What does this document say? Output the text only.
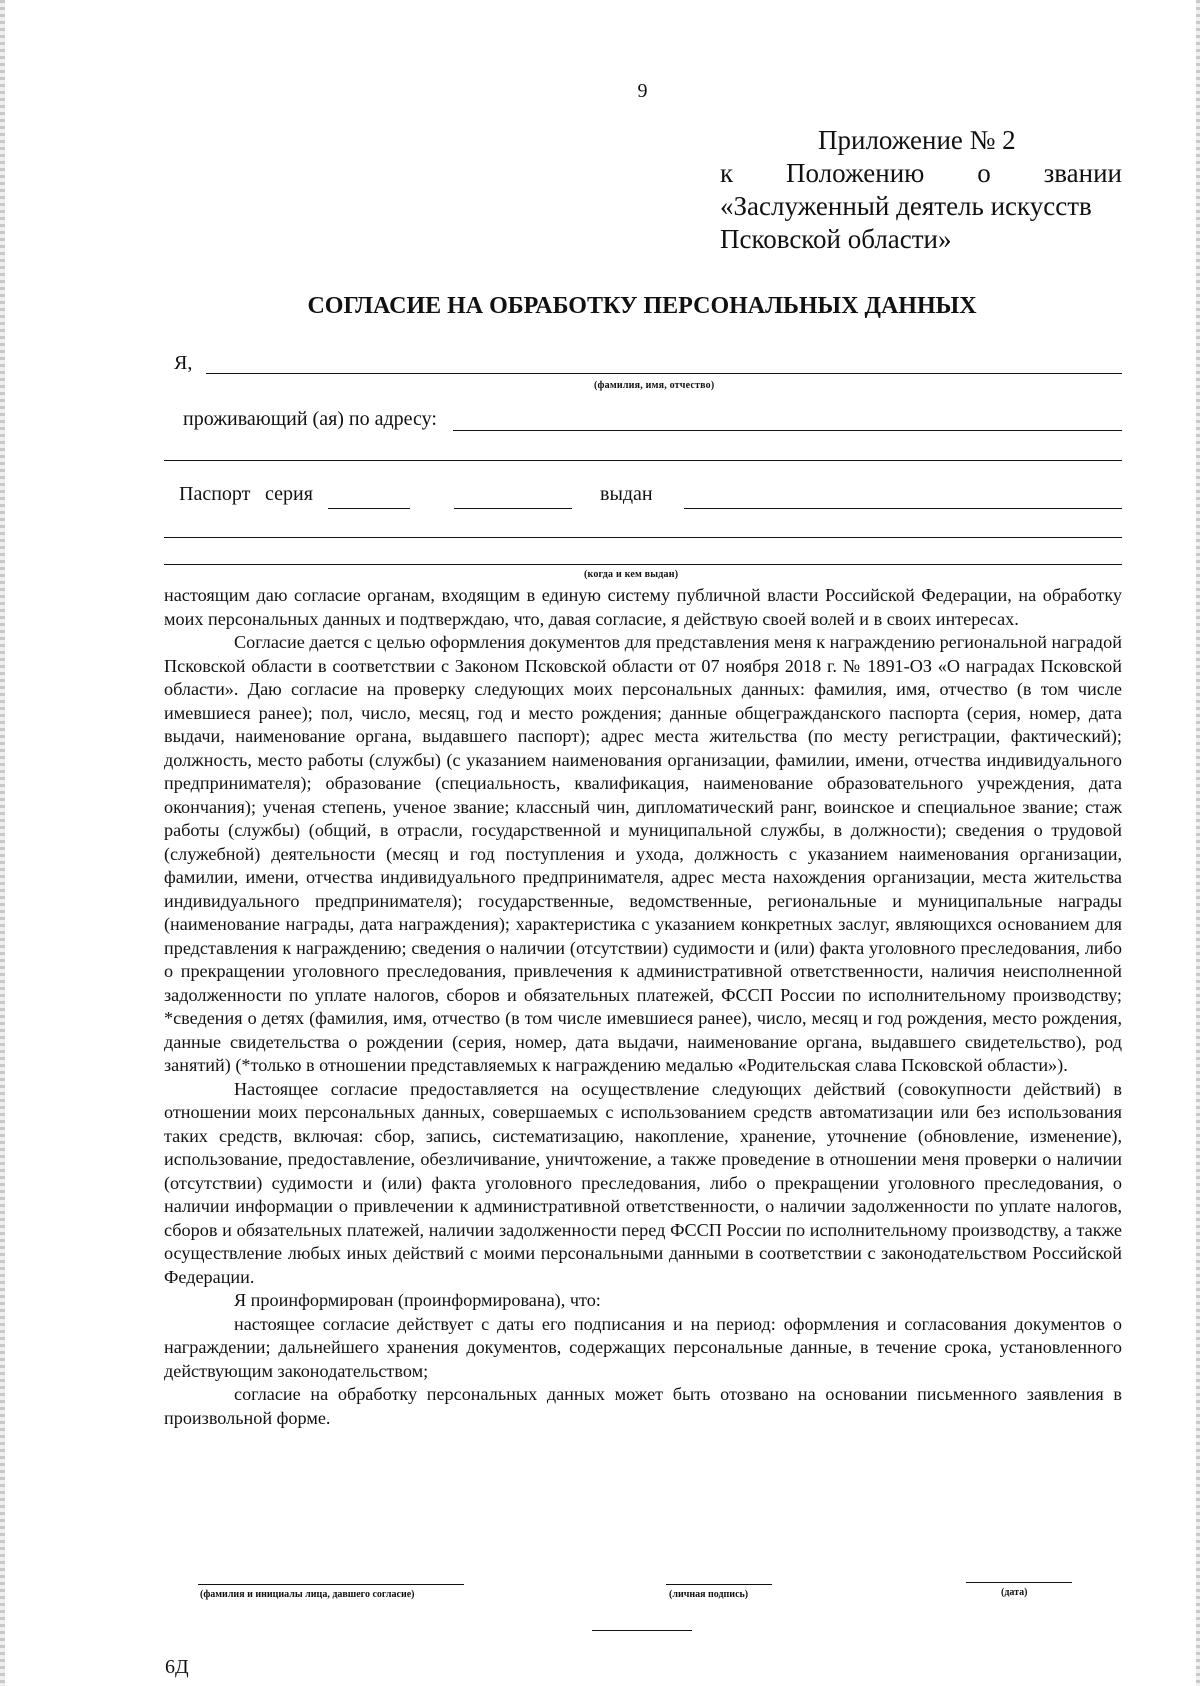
9
Приложение № 2
к Положению о звании
«Заслуженный деятель искусств
Псковской области»
СОГЛАСИЕ НА ОБРАБОТКУ ПЕРСОНАЛЬНЫХ ДАННЫХ
Я,
(фамилия, имя, отчество)
проживающий (ая) по адресу:
Паспорт серия	выдан
(когда и кем выдан)

настоящим даю согласие органам, входящим в единую систему публичной власти Российской Федерации, на обработку моих персональных данных и подтверждаю, что, давая согласие, я действую своей волей и в своих интересах.

Согласие дается с целью оформления документов для представления меня к награждению региональной наградой Псковской области в соответствии с Законом Псковской области от 07 ноября 2018 г. № 1891-ОЗ «О наградах Псковской области». Даю согласие на проверку следующих моих персональных данных: фамилия, имя, отчество (в том числе имевшиеся ранее); пол, число, месяц, год и место рождения; данные общегражданского паспорта (серия, номер, дата выдачи, наименование органа, выдавшего паспорт); адрес места жительства (по месту регистрации, фактический); должность, место работы (службы) (с указанием наименования организации, фамилии, имени, отчества индивидуального предпринимателя); образование (специальность, квалификация, наименование образовательного учреждения, дата окончания); ученая степень, ученое звание; классный чин, дипломатический ранг, воинское и специальное звание; стаж работы (службы) (общий, в отрасли, государственной и муниципальной службы, в должности); сведения о трудовой (служебной) деятельности (месяц и год поступления и ухода, должность с указанием наименования организации, фамилии, имени, отчества индивидуального предпринимателя, адрес места нахождения организации, места жительства индивидуального предпринимателя); государственные, ведомственные, региональные и муниципальные награды (наименование награды, дата награждения); характеристика с указанием конкретных заслуг, являющихся основанием для представления к награждению; сведения о наличии (отсутствии) судимости и (или) факта уголовного преследования, либо о прекращении уголовного преследования, привлечения к административной ответственности, наличия неисполненной задолженности по уплате налогов, сборов и обязательных платежей, ФССП России по исполнительному производству; *сведения о детях (фамилия, имя, отчество (в том числе имевшиеся ранее), число, месяц и год рождения, место рождения, данные свидетельства о рождении (серия, номер, дата выдачи, наименование органа, выдавшего свидетельство), род занятий) (*только в отношении представляемых к награждению медалью «Родительская слава Псковской области»).

Настоящее согласие предоставляется на осуществление следующих действий (совокупности действий) в отношении моих персональных данных, совершаемых с использованием средств автоматизации или без использования таких средств, включая: сбор, запись, систематизацию, накопление, хранение, уточнение (обновление, изменение), использование, предоставление, обезличивание, уничтожение, а также проведение в отношении меня проверки о наличии (отсутствии) судимости и (или) факта уголовного преследования, либо о прекращении уголовного преследования, о наличии информации о привлечении к административной ответственности, о наличии задолженности по уплате налогов, сборов и обязательных платежей, наличии задолженности перед ФССП России по исполнительному производству, а также осуществление любых иных действий с моими персональными данными в соответствии с законодательством Российской Федерации.

Я проинформирован (проинформирована), что:

настоящее согласие действует с даты его подписания и на период: оформления и согласования документов о награждении; дальнейшего хранения документов, содержащих персональные данные, в течение срока, установленного действующим законодательством;

согласие на обработку персональных данных может быть отозвано на основании письменного заявления в произвольной форме.

(фамилия и инициалы лица, давшего согласие)	(личная подпись)	(дата)
6Д
